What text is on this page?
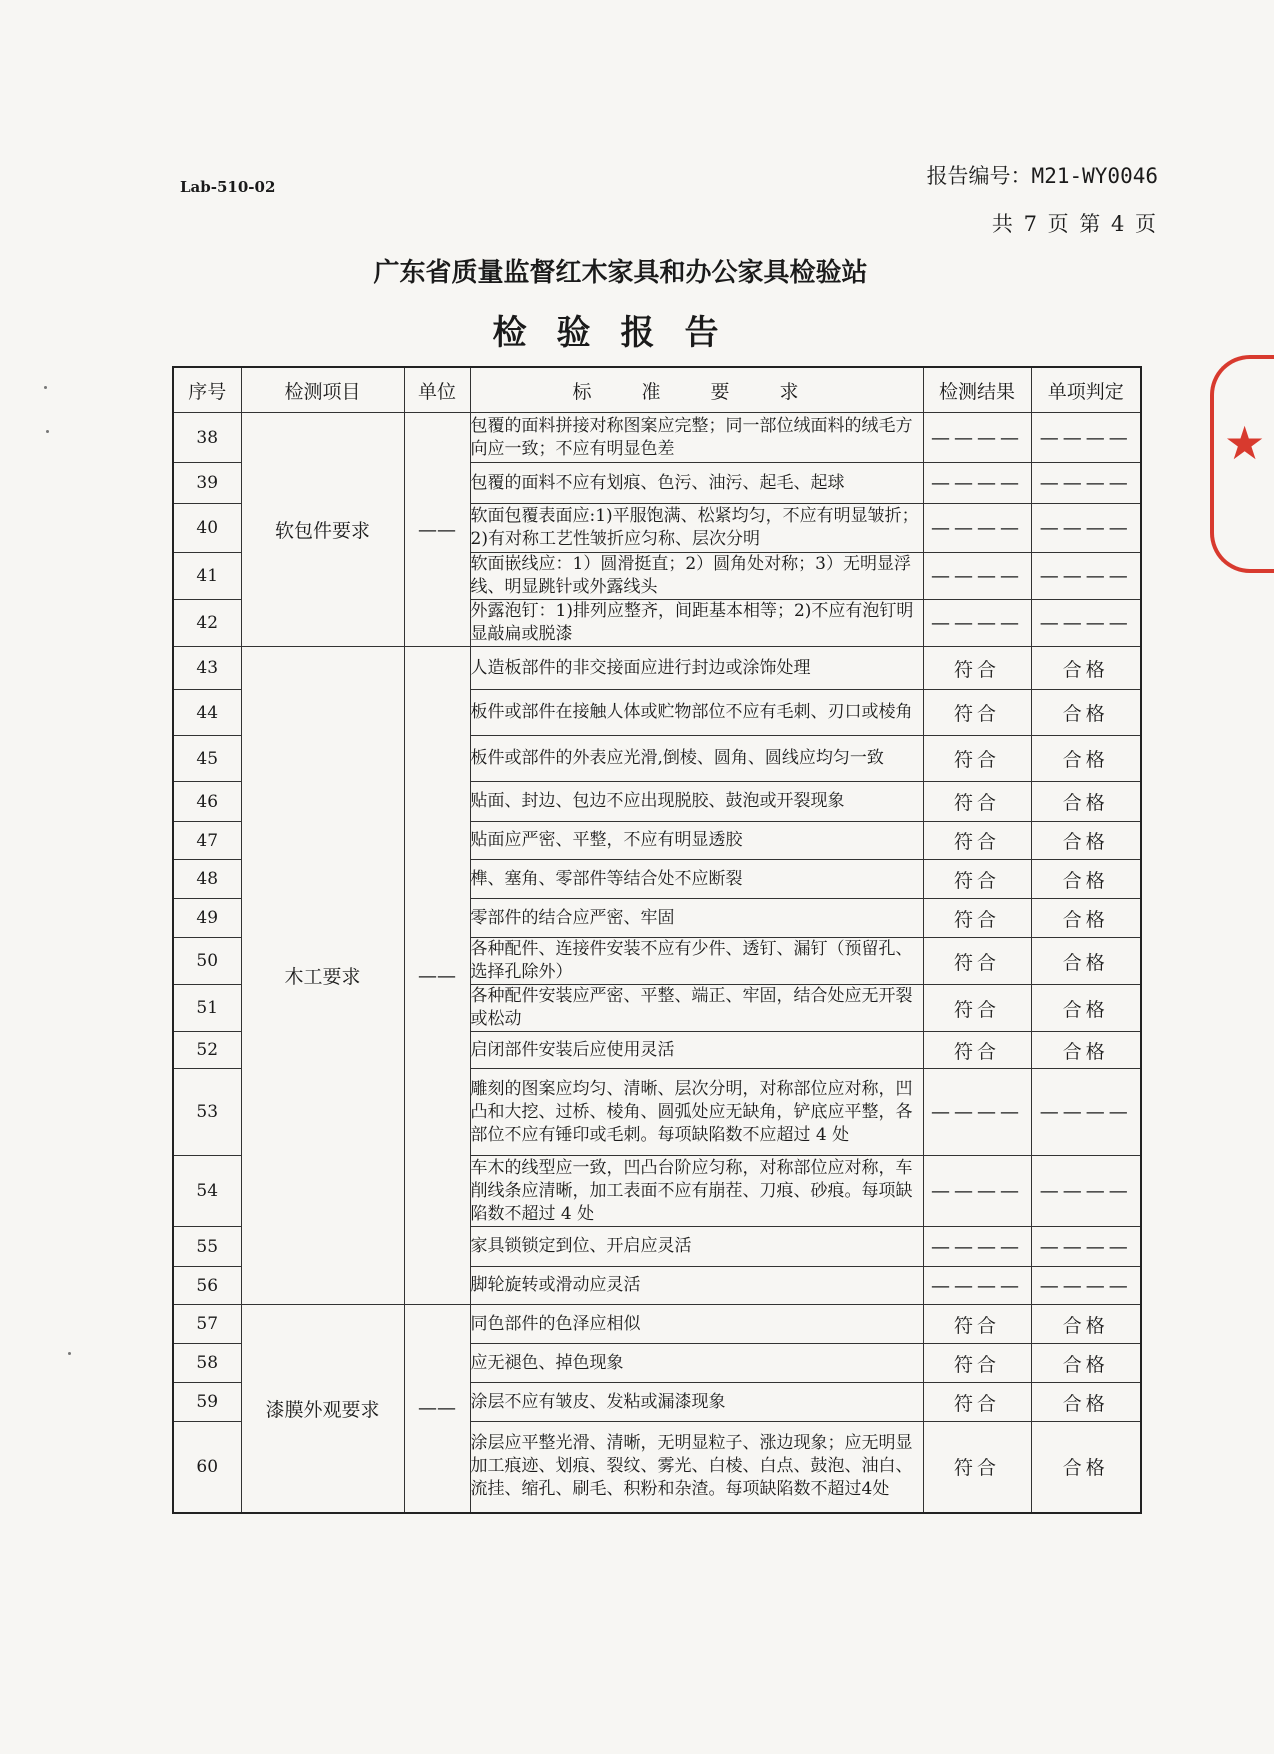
Lab-510-02	报告编号：M21-WY0046
共 7 页 第 4 页
广东省质量监督红木家具和办公家具检验站
检验报告
★
序号	检测项目	单位	标 准 要 求	检测结果	单项判定
38	软包件要求	——	包覆的面料拼接对称图案应完整；同一部位绒面料的绒毛方向应一致；不应有明显色差	————	————
39			包覆的面料不应有划痕、色污、油污、起毛、起球	————	————
40			软面包覆表面应:1)平服饱满、松紧均匀，不应有明显皱折；2)有对称工艺性皱折应匀称、层次分明	————	————
41			软面嵌线应：1）圆滑挺直；2）圆角处对称；3）无明显浮线、明显跳针或外露线头	————	————
42			外露泡钉：1)排列应整齐，间距基本相等；2)不应有泡钉明显敲扁或脱漆	————	————
43	木工要求	——	人造板部件的非交接面应进行封边或涂饰处理	符合	合格
44			板件或部件在接触人体或贮物部位不应有毛刺、刃口或棱角	符合	合格
45			板件或部件的外表应光滑,倒棱、圆角、圆线应均匀一致	符合	合格
46			贴面、封边、包边不应出现脱胶、鼓泡或开裂现象	符合	合格
47			贴面应严密、平整，不应有明显透胶	符合	合格
48			榫、塞角、零部件等结合处不应断裂	符合	合格
49			零部件的结合应严密、牢固	符合	合格
50			各种配件、连接件安装不应有少件、透钉、漏钉（预留孔、选择孔除外）	符合	合格
51			各种配件安装应严密、平整、端正、牢固，结合处应无开裂或松动	符合	合格
52			启闭部件安装后应使用灵活	符合	合格
53			雕刻的图案应均匀、清晰、层次分明，对称部位应对称，凹凸和大挖、过桥、棱角、圆弧处应无缺角，铲底应平整，各部位不应有锤印或毛刺。每项缺陷数不应超过 4 处	————	————
54			车木的线型应一致，凹凸台阶应匀称，对称部位应对称，车削线条应清晰，加工表面不应有崩茬、刀痕、砂痕。每项缺陷数不超过 4 处	————	————
55			家具锁锁定到位、开启应灵活	————	————
56			脚轮旋转或滑动应灵活	————	————
57	漆膜外观要求	——	同色部件的色泽应相似	符合	合格
58			应无褪色、掉色现象	符合	合格
59			涂层不应有皱皮、发粘或漏漆现象	符合	合格
60			涂层应平整光滑、清晰，无明显粒子、涨边现象；应无明显加工痕迹、划痕、裂纹、雾光、白棱、白点、鼓泡、油白、流挂、缩孔、刷毛、积粉和杂渣。每项缺陷数不超过4处	符合	合格
